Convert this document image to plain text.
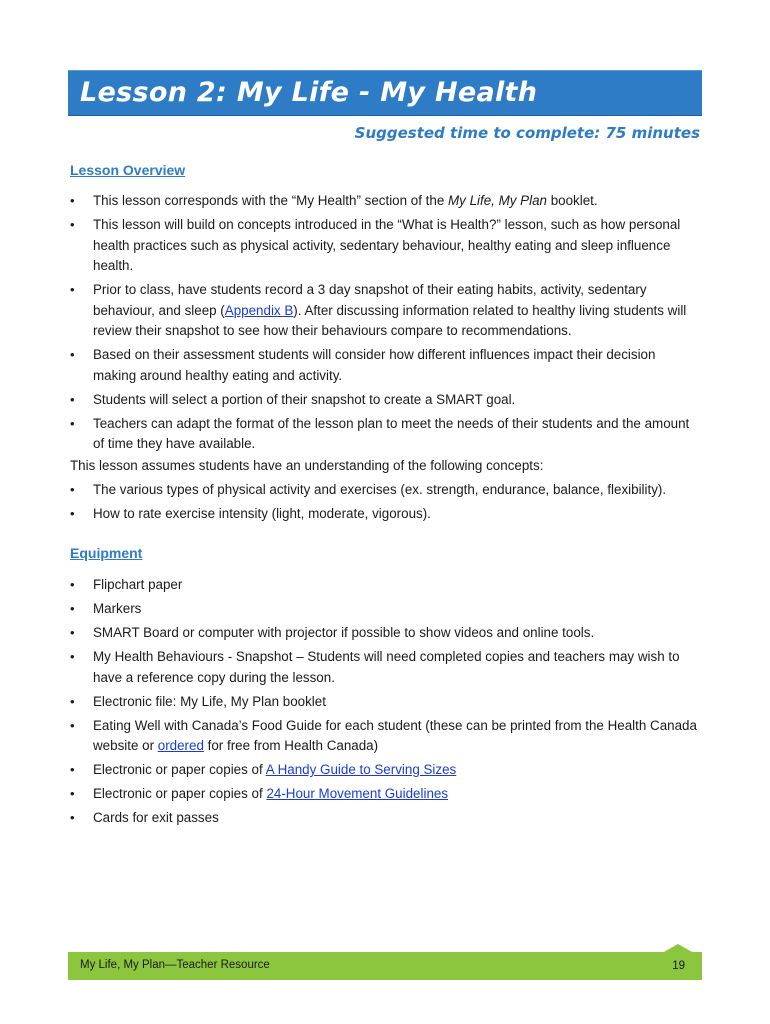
Lesson 2: My Life - My Health
Suggested time to complete: 75 minutes
Lesson Overview
• This lesson corresponds with the “My Health” section of the My Life, My Plan booklet.
• This lesson will build on concepts introduced in the “What is Health?” lesson, such as how personal health practices such as physical activity, sedentary behaviour, healthy eating and sleep influence health.
• Prior to class, have students record a 3 day snapshot of their eating habits, activity, sedentary behaviour, and sleep (Appendix B). After discussing information related to healthy living students will review their snapshot to see how their behaviours compare to recommendations.
• Based on their assessment students will consider how different influences impact their decision making around healthy eating and activity.
• Students will select a portion of their snapshot to create a SMART goal.
• Teachers can adapt the format of the lesson plan to meet the needs of their students and the amount of time they have available.
This lesson assumes students have an understanding of the following concepts:
• The various types of physical activity and exercises (ex. strength, endurance, balance, flexibility).
• How to rate exercise intensity (light, moderate, vigorous).
Equipment
• Flipchart paper
• Markers
• SMART Board or computer with projector if possible to show videos and online tools.
• My Health Behaviours - Snapshot – Students will need completed copies and teachers may wish to have a reference copy during the lesson.
• Electronic file: My Life, My Plan booklet
• Eating Well with Canada’s Food Guide for each student (these can be printed from the Health Canada website or ordered for free from Health Canada)
• Electronic or paper copies of A Handy Guide to Serving Sizes
• Electronic or paper copies of 24-Hour Movement Guidelines
• Cards for exit passes
My Life, My Plan—Teacher Resource	19
